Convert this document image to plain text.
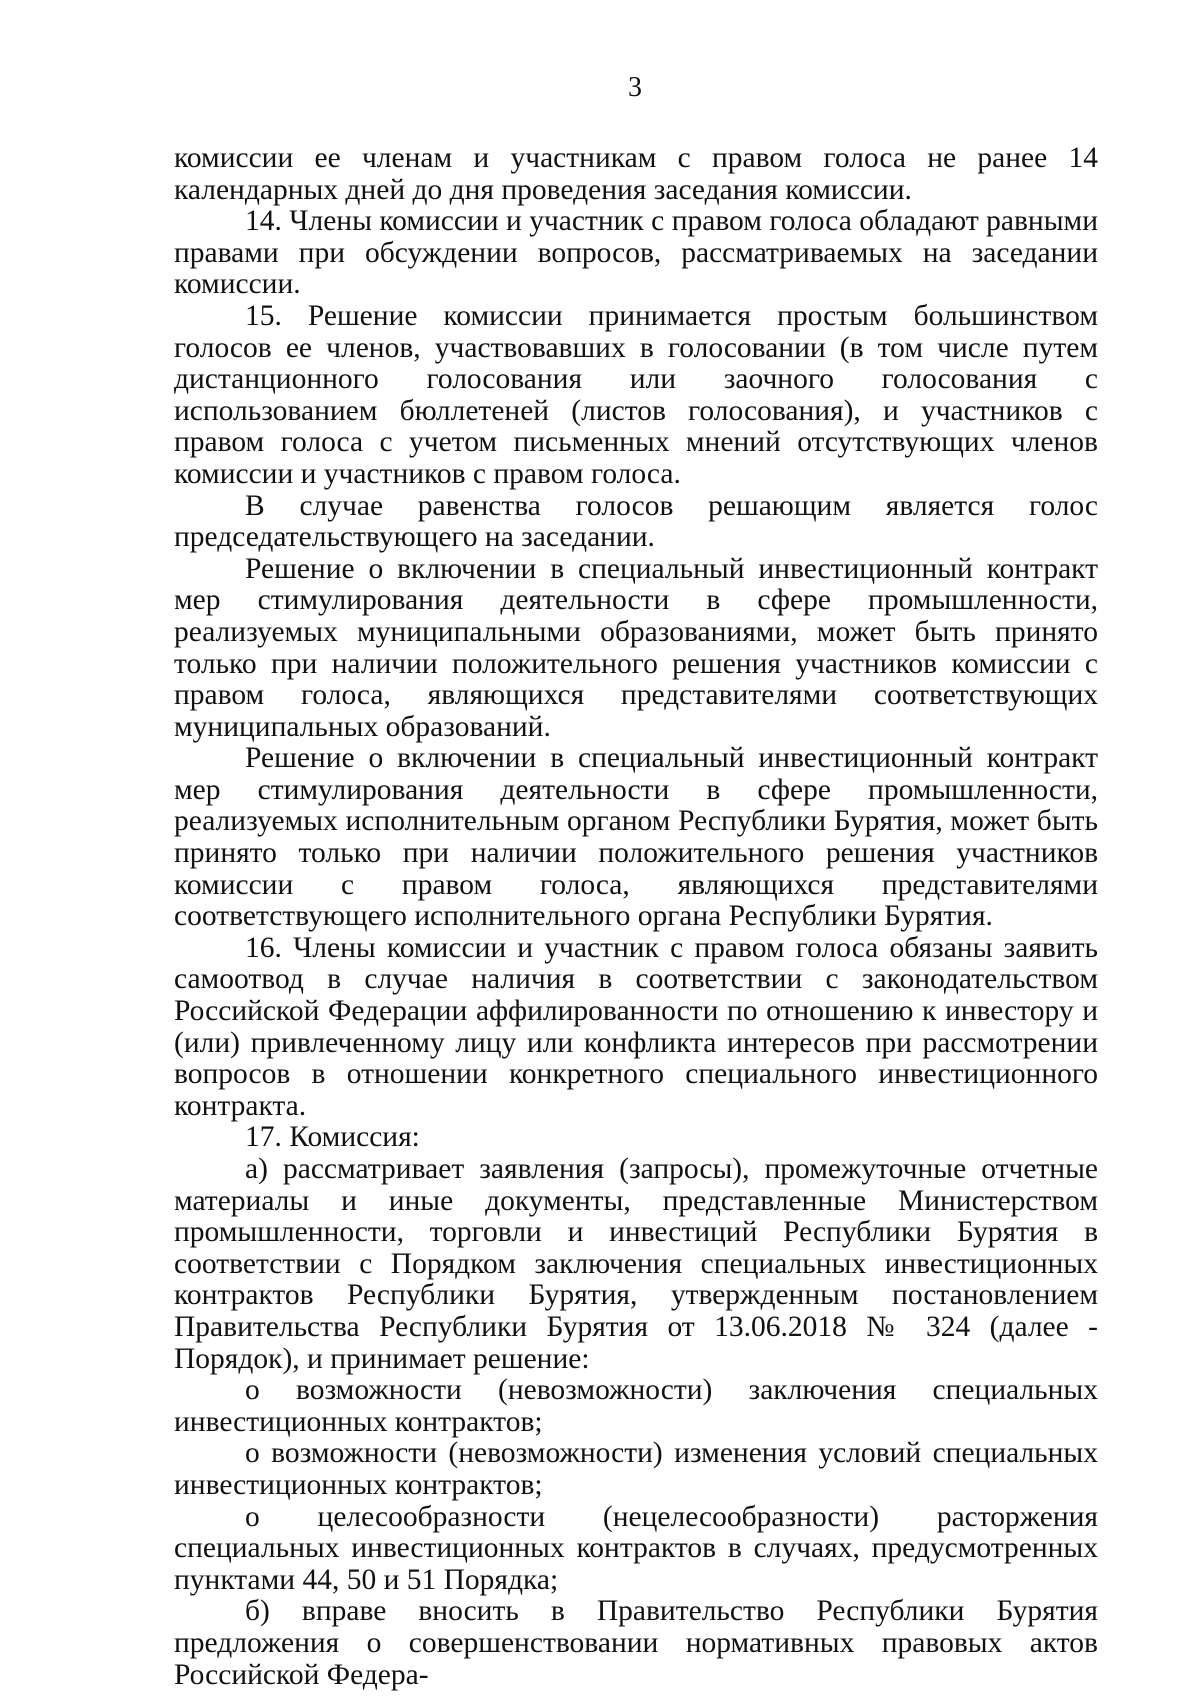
3

комиссии ее членам и участникам с правом голоса не ранее 14 календарных дней до дня проведения заседания комиссии.

14. Члены комиссии и участник с правом голоса обладают равными правами при обсуждении вопросов, рассматриваемых на заседании комиссии.

15. Решение комиссии принимается простым большинством голосов ее членов, участвовавших в голосовании (в том числе путем дистанционного голосования или заочного голосования с использованием бюллетеней (листов голосования), и участников с правом голоса с учетом письменных мнений отсутствующих членов комиссии и участников с правом голоса.

В случае равенства голосов решающим является голос председательствующего на заседании.

Решение о включении в специальный инвестиционный контракт мер стимулирования деятельности в сфере промышленности, реализуемых муниципальными образованиями, может быть принято только при наличии положительного решения участников комиссии с правом голоса, являющихся представителями соответствующих муниципальных образований.

Решение о включении в специальный инвестиционный контракт мер стимулирования деятельности в сфере промышленности, реализуемых исполнительным органом Республики Бурятия, может быть принято только при наличии положительного решения участников комиссии с правом голоса, являющихся представителями соответствующего исполнительного органа Республики Бурятия.

16. Члены комиссии и участник с правом голоса обязаны заявить самоотвод в случае наличия в соответствии с законодательством Российской Федерации аффилированности по отношению к инвестору и (или) привлеченному лицу или конфликта интересов при рассмотрении вопросов в отношении конкретного специального инвестиционного контракта.

17. Комиссия:

а) рассматривает заявления (запросы), промежуточные отчетные материалы и иные документы, представленные Министерством промышленности, торговли и инвестиций Республики Бурятия в соответствии с Порядком заключения специальных инвестиционных контрактов Республики Бурятия, утвержденным постановлением Правительства Республики Бурятия от 13.06.2018 № 324 (далее - Порядок), и принимает решение:

о возможности (невозможности) заключения специальных инвестиционных контрактов;

о возможности (невозможности) изменения условий специальных инвестиционных контрактов;

о целесообразности (нецелесообразности) расторжения специальных инвестиционных контрактов в случаях, предусмотренных пунктами 44, 50 и 51 Порядка;

б) вправе вносить в Правительство Республики Бурятия предложения о совершенствовании нормативных правовых актов Российской Федера-
